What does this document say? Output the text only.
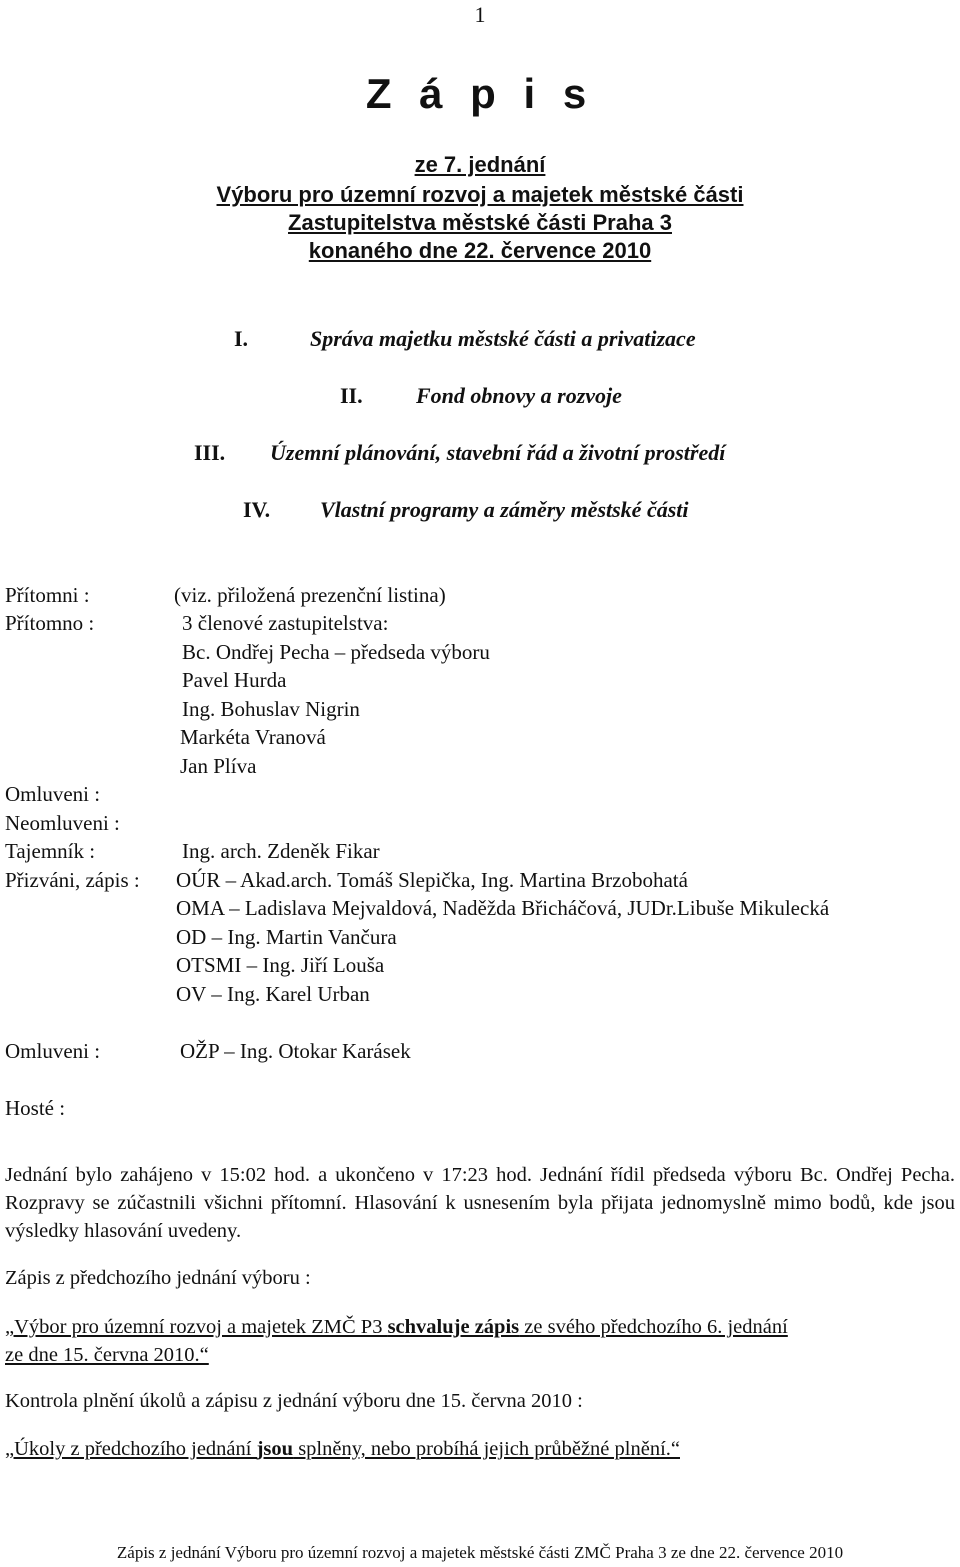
1
Z á p i s
ze 7. jednání
Výboru pro územní rozvoj a majetek městské části
Zastupitelstva městské části Praha 3
konaného dne 22. července 2010
I.	Správa majetku městské části a privatizace
II. Fond obnovy a rozvoje
III. Územní plánování, stavební řád a životní prostředí
IV. Vlastní programy a záměry městské části
Přítomni :	(viz. přiložená prezenční listina)
Přítomno :	3 členové zastupitelstva:
Bc. Ondřej Pecha – předseda výboru
Pavel Hurda
Ing. Bohuslav Nigrin
Markéta Vranová
Jan Plíva
Omluveni :
Neomluveni :
Tajemník :	Ing. arch. Zdeněk Fikar
Přizváni, zápis : OÚR – Akad.arch. Tomáš Slepička, Ing. Martina Brzobohatá
OMA – Ladislava Mejvaldová, Naděžda Břicháčová, JUDr.Libuše Mikulecká
OD – Ing. Martin Vančura
OTSMI – Ing. Jiří Louša
OV – Ing. Karel Urban
Omluveni :	OŽP – Ing. Otokar Karásek
Hosté :
Jednání bylo zahájeno v 15:02 hod. a ukončeno v 17:23 hod. Jednání řídil předseda výboru Bc. Ondřej Pecha. Rozpravy se zúčastnili všichni přítomní. Hlasování k usnesením byla přijata jednomyslně mimo bodů, kde jsou výsledky hlasování uvedeny.
Zápis z předchozího jednání výboru :
„Výbor pro územní rozvoj a majetek ZMČ P3 schvaluje zápis ze svého předchozího 6. jednání
ze dne 15. června 2010.“
Kontrola plnění úkolů a zápisu z jednání výboru dne 15. června 2010 :
„Úkoly z předchozího jednání jsou splněny, nebo probíhá jejich průběžné plnění.“
Zápis z jednání Výboru pro územní rozvoj a majetek městské části ZMČ Praha 3 ze dne 22. července 2010
